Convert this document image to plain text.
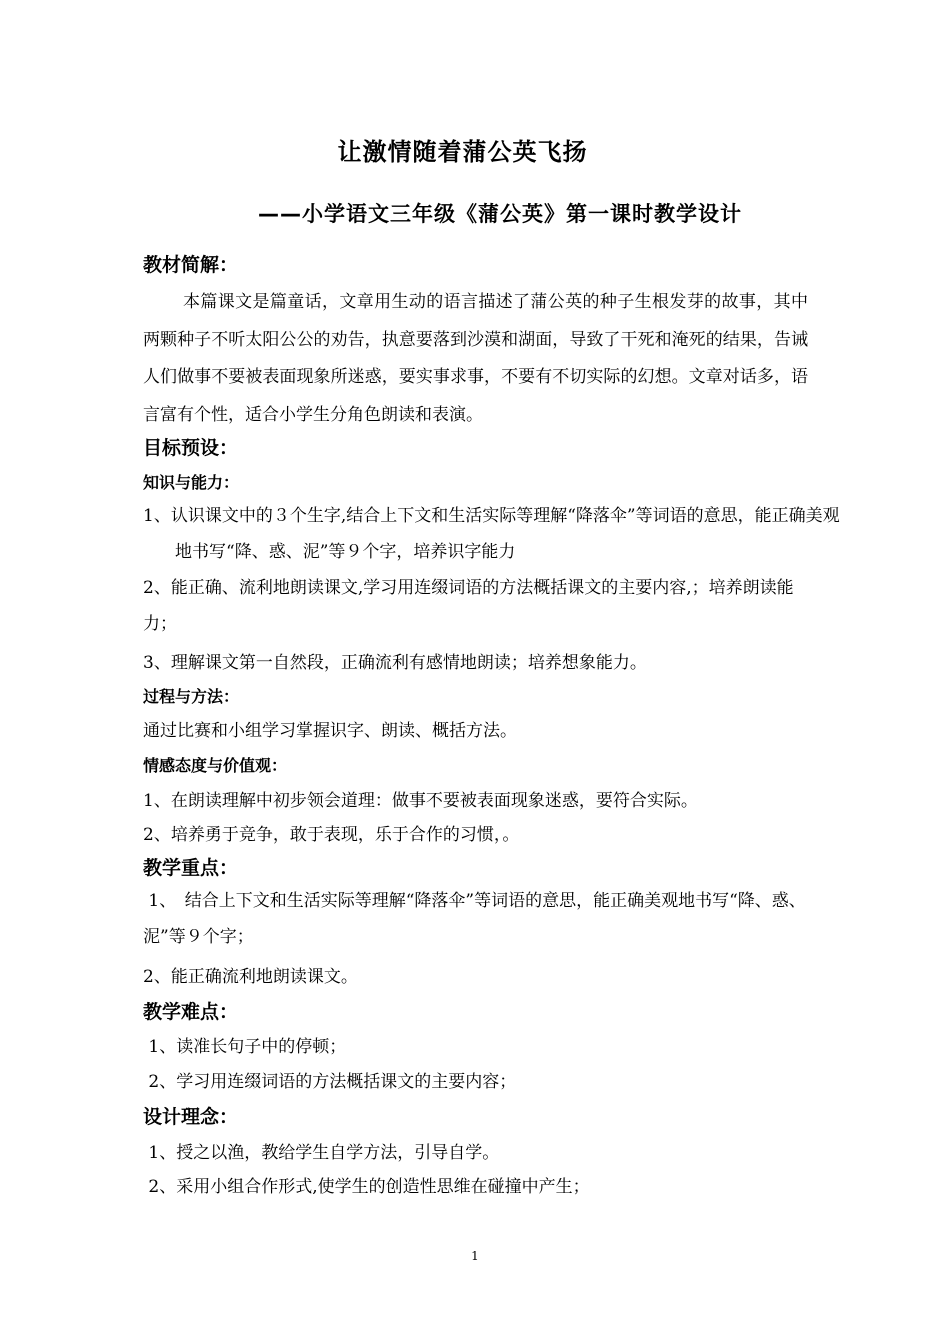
让激情随着蒲公英飞扬
——小学语文三年级《蒲公英》第一课时教学设计
教材简解：

本篇课文是篇童话，文章用生动的语言描述了蒲公英的种子生根发芽的故事，其中两颗种子不听太阳公公的劝告，执意要落到沙漠和湖面，导致了干死和淹死的结果，告诫人们做事不要被表面现象所迷惑，要实事求事，不要有不切实际的幻想。文章对话多，语言富有个性，适合小学生分角色朗读和表演。

目标预设：
知识与能力：

1、认识课文中的３个生字,结合上下文和生活实际等理解“降落伞”等词语的意思，能正确美观地书写“降、惑、泥”等９个字，培养识字能力

2、能正确、流利地朗读课文,学习用连缀词语的方法概括课文的主要内容,；培养朗读能力；

3、理解课文第一自然段，正确流利有感情地朗读；培养想象能力。
过程与方法：
通过比赛和小组学习掌握识字、朗读、概括方法。
情感态度与价值观：
1、在朗读理解中初步领会道理：做事不要被表面现象迷惑，要符合实际。
2、培养勇于竞争，敢于表现，乐于合作的习惯，。
教学重点：

1、　结合上下文和生活实际等理解“降落伞”等词语的意思，能正确美观地书写“降、惑、泥”等９个字；

2、能正确流利地朗读课文。
教学难点：
1、读准长句子中的停顿；
2、学习用连缀词语的方法概括课文的主要内容；
设计理念：
1、授之以渔，教给学生自学方法，引导自学。
2、采用小组合作形式,使学生的创造性思维在碰撞中产生；
1
